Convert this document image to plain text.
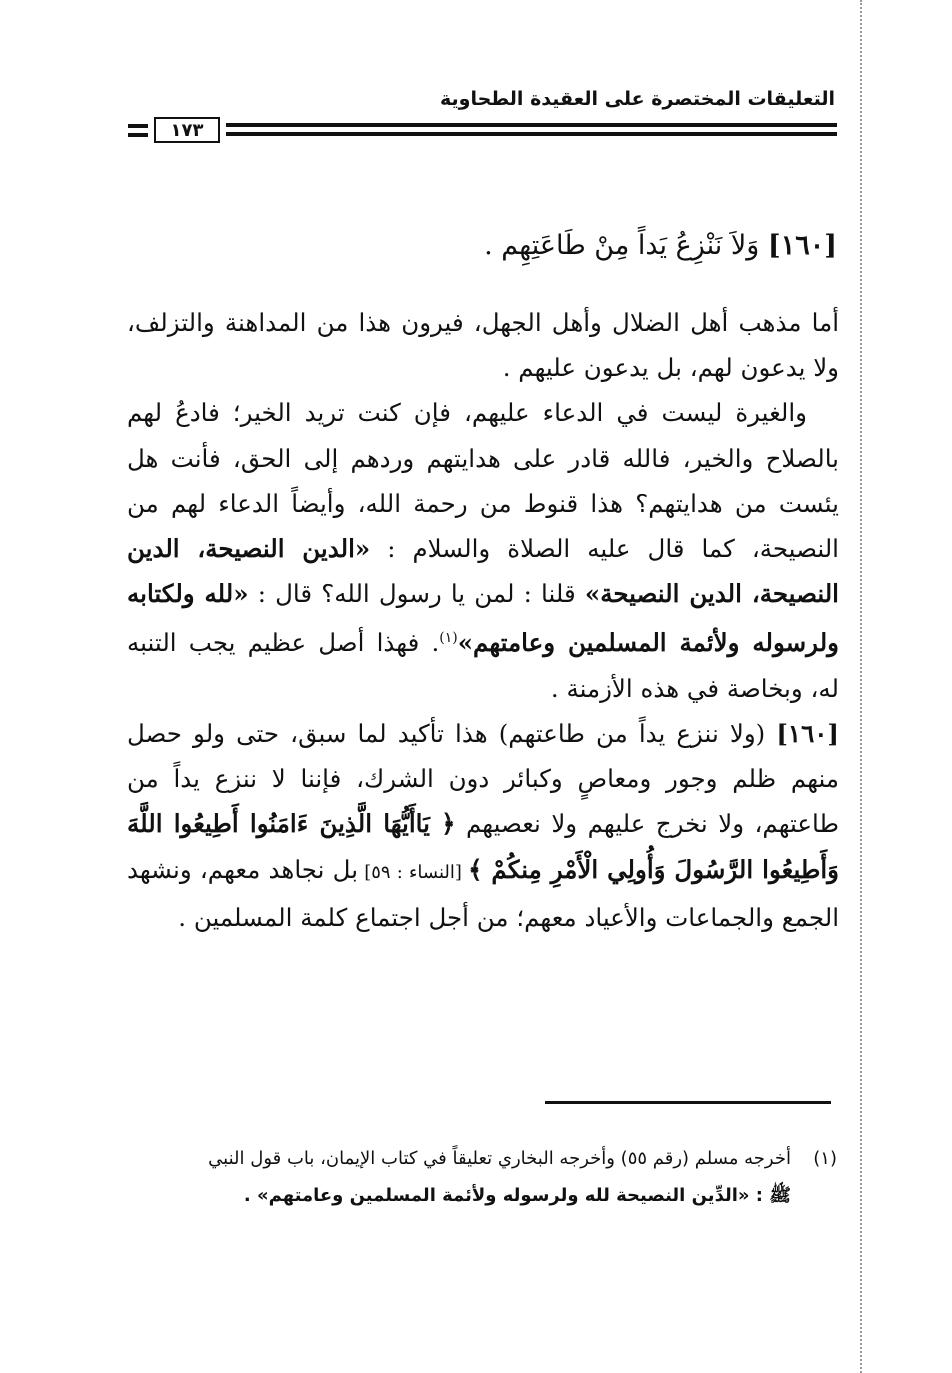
التعليقات المختصرة على العقيدة الطحاوية
١٧٣
[١٦٠] وَلاَ نَنْزِعُ يَداً مِنْ طَاعَتِهِم .

أما مذهب أهل الضلال وأهل الجهل، فيرون هذا من المداهنة والتزلف، ولا يدعون لهم، بل يدعون عليهم .

والغيرة ليست في الدعاء عليهم، فإن كنت تريد الخير؛ فادعُ لهم بالصلاح والخير، فالله قادر على هدايتهم وردهم إلى الحق، فأنت هل يئست من هدايتهم؟ هذا قنوط من رحمة الله، وأيضاً الدعاء لهم من النصيحة، كما قال عليه الصلاة والسلام : «الدين النصيحة، الدين النصيحة، الدين النصيحة» قلنا : لمن يا رسول الله؟ قال : «لله ولكتابه ولرسوله ولأئمة المسلمين وعامتهم»$^{(١)}$. فهذا أصل عظيم يجب التنبه له، وبخاصة في هذه الأزمنة .

[١٦٠] (ولا ننزع يداً من طاعتهم) هذا تأكيد لما سبق، حتى ولو حصل منهم ظلم وجور ومعاصٍ وكبائر دون الشرك، فإننا لا ننزع يداً من طاعتهم، ولا نخرج عليهم ولا نعصيهم ﴿ يَاأَيُّهَا الَّذِينَ ءَامَنُوا أَطِيعُوا اللَّهَ وَأَطِيعُوا الرَّسُولَ وَأُولِي الْأَمْرِ مِنكُمْ ﴾ [النساء : ٥٩] بل نجاهد معهم، ونشهد الجمع والجماعات والأعياد معهم؛ من أجل اجتماع كلمة المسلمين .

(١)أخرجه مسلم (رقم ٥٥) وأخرجه البخاري تعليقاً في كتاب الإيمان، باب قول النبي

ﷺ : «الدِّين النصيحة لله ولرسوله ولأئمة المسلمين وعامتهم» .
